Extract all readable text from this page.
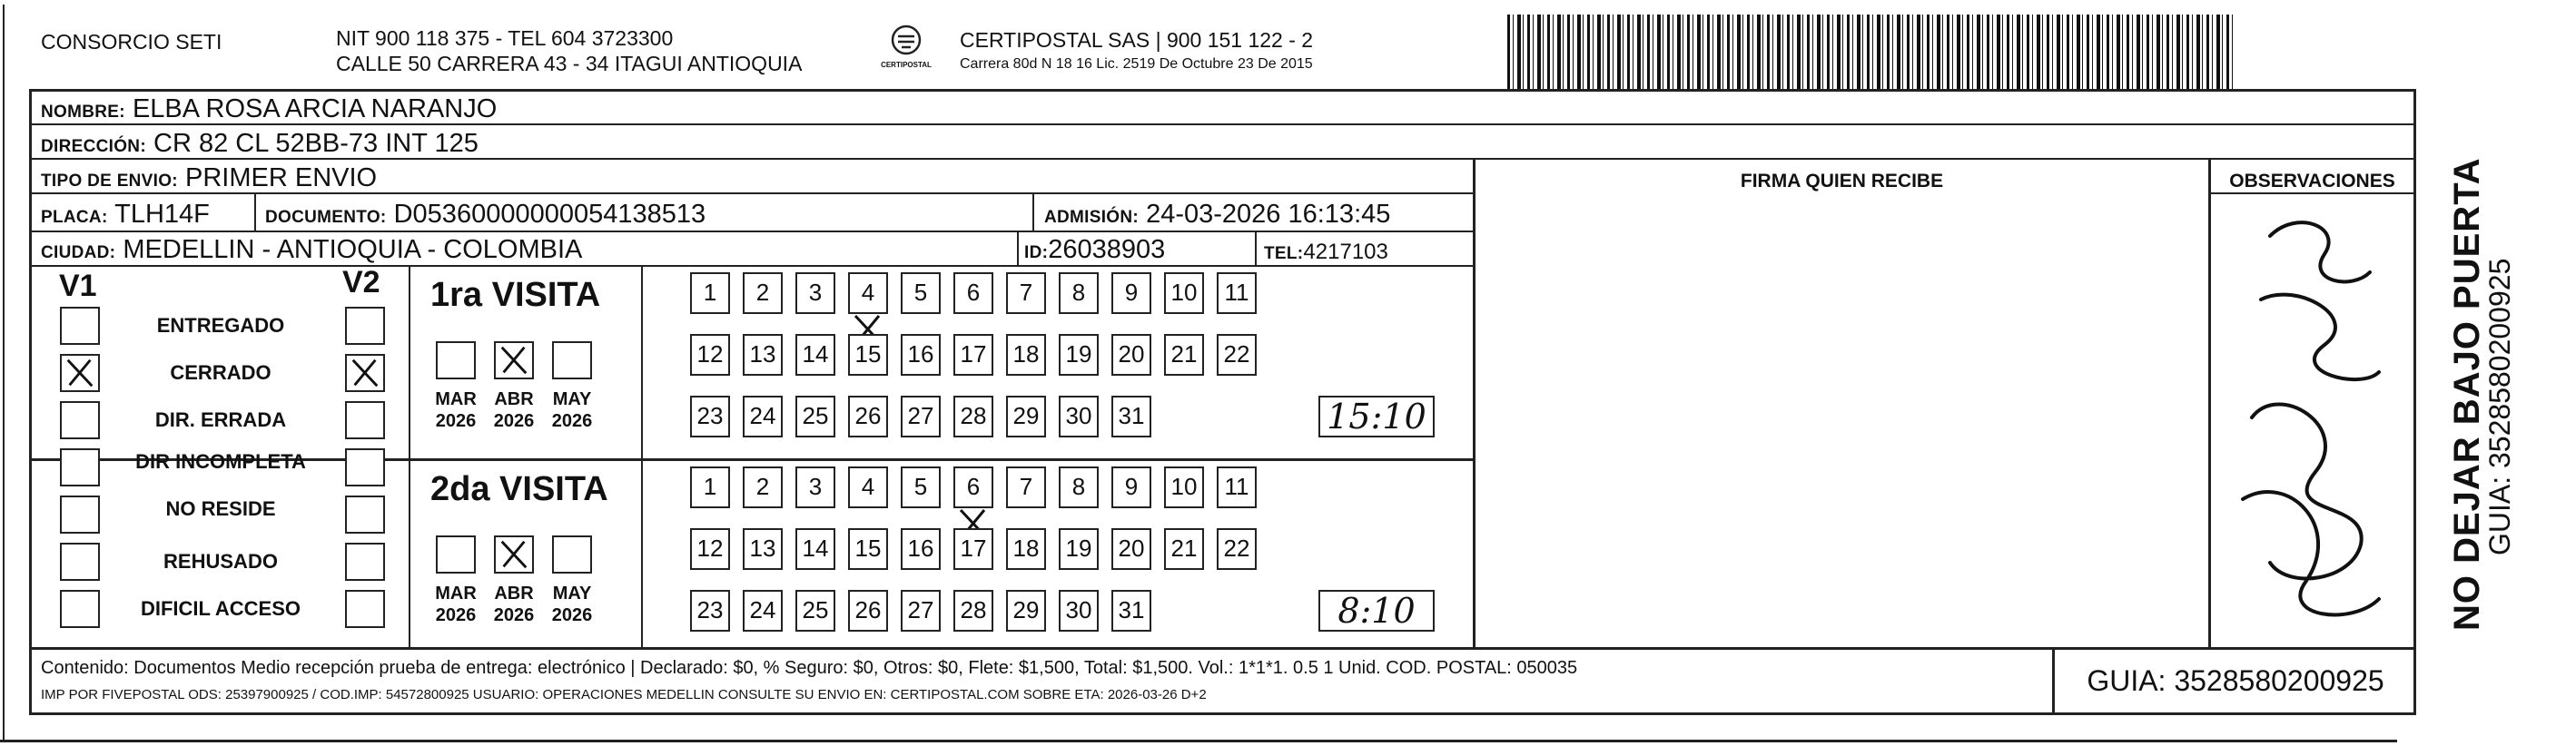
CONSORCIO SETI	NIT 900 118 375 - TEL 604 3723300
CALLE 50 CARRERA 43 - 34 ITAGUI ANTIOQUIA	CERTIPOSTAL
CERTIPOSTAL SAS | 900 151 122 - 2
Carrera 80d N 18 16 Lic. 2519 De Octubre 23 De 2015
NOMBRE: ELBA ROSA ARCIA NARANJO
DIRECCIÓN: CR 82 CL 52BB-73 INT 125
TIPO DE ENVIO: PRIMER ENVIO
PLACA: TLH14F	DOCUMENTO: D05360000000054138513	ADMISIÓN: 24-03-2026 16:13:45
CIUDAD: MEDELLIN - ANTIOQUIA - COLOMBIA	ID:26038903	TEL:4217103
FIRMA QUIEN RECIBE	OBSERVACIONES
V1	V2
ENTREGADO
CERRADO
DIR. ERRADA
DIR INCOMPLETA
NO RESIDE
REHUSADO
DIFICIL ACCESO
1ra VISITA
MAR
2026
ABR
2026
MAY
2026
1	2	3	4	5	6	7	8	9	10	11
12 13 14 15 16 17 18 19 20 21 22
23 24 25 26 27 28 29 30 31	15:10
2da VISITA
MAR
2026
ABR
2026
MAY
2026
1	2	3	4	5	6	7	8	9	10	11
12 13 14 15 16 17 18 19 20 21 22
23 24 25 26 27 28 29 30 31	8:10
Contenido: Documentos Medio recepción prueba de entrega: electrónico | Declarado: $0, % Seguro: $0, Otros: $0, Flete: $1,500, Total: $1,500. Vol.: 1*1*1. 0.5 1 Unid. COD. POSTAL: 050035
IMP POR FIVEPOSTAL ODS: 25397900925 / COD.IMP: 54572800925 USUARIO: OPERACIONES MEDELLIN CONSULTE SU ENVIO EN: CERTIPOSTAL.COM SOBRE ETA: 2026-03-26 D+2	GUIA: 3528580200925
NO DEJAR BAJO PUERTA
GUIA: 3528580200925
